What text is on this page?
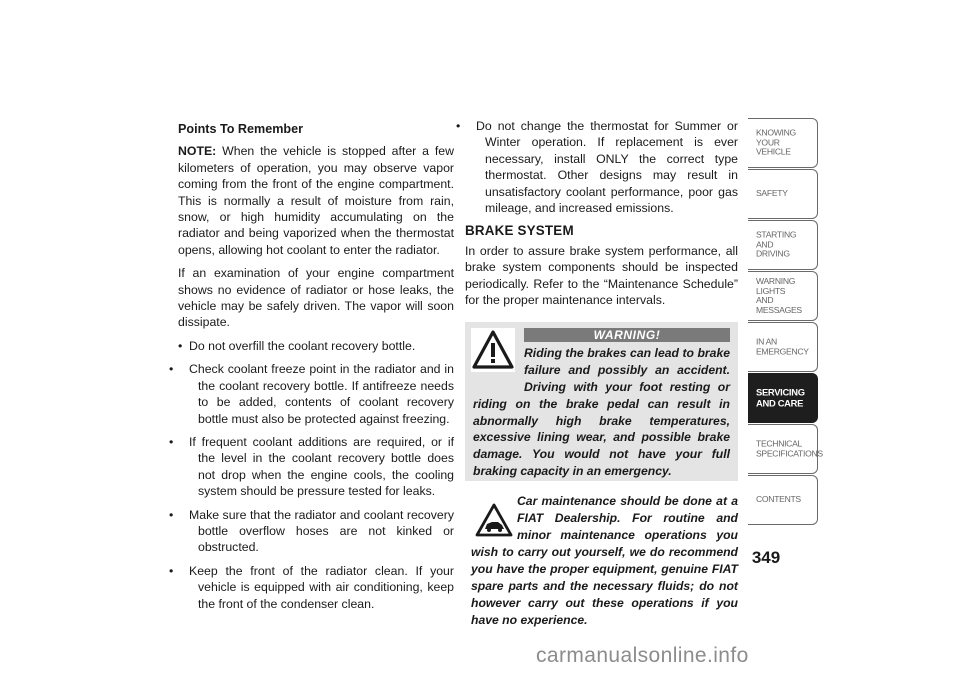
Points To Remember

NOTE: When the vehicle is stopped after a few kilometers of operation, you may observe vapor coming from the front of the engine compartment. This is normally a result of moisture from rain, snow, or high humidity accumulating on the radiator and being vaporized when the thermostat opens, allowing hot coolant to enter the radiator.

If an examination of your engine compartment shows no evidence of radiator or hose leaks, the vehicle may be safely driven. The vapor will soon dissipate.

• Do not overfill the coolant recovery bottle.
• Check coolant freeze point in the radiator and in the coolant recovery bottle. If antifreeze needs to be added, contents of coolant recovery bottle must also be protected against freezing.
• If frequent coolant additions are required, or if the level in the coolant recovery bottle does not drop when the engine cools, the cooling system should be pressure tested for leaks.
• Make sure that the radiator and coolant recovery bottle overflow hoses are not kinked or obstructed.
• Keep the front of the radiator clean. If your vehicle is equipped with air conditioning, keep the front of the condenser clean.
• Do not change the thermostat for Summer or Winter operation. If replacement is ever necessary, install ONLY the correct type thermostat. Other designs may result in unsatisfactory coolant performance, poor gas mileage, and increased emissions.
BRAKE SYSTEM

In order to assure brake system performance, all brake system components should be inspected periodically. Refer to the “Maintenance Schedule” for the proper maintenance intervals.

WARNING!
Riding the brakes can lead to brake failure and possibly an accident. Driving with your foot resting or riding on the brake pedal can result in abnormally high brake temperatures, excessive lining wear, and possible brake damage. You would not have your full braking capacity in an emergency.
Car maintenance should be done at a FIAT Dealership. For routine and minor maintenance operations you wish to carry out yourself, we do recommend you have the proper equipment, genuine FIAT spare parts and the necessary fluids; do not however carry out these operations if you have no experience.
KNOWING
YOUR
VEHICLE
SAFETY
STARTING
AND
DRIVING
WARNING
LIGHTS
AND
MESSAGES
IN AN
EMERGENCY
SERVICING
AND CARE
TECHNICAL
SPECIFICATIONS
CONTENTS
349
carmanualsonline.info
